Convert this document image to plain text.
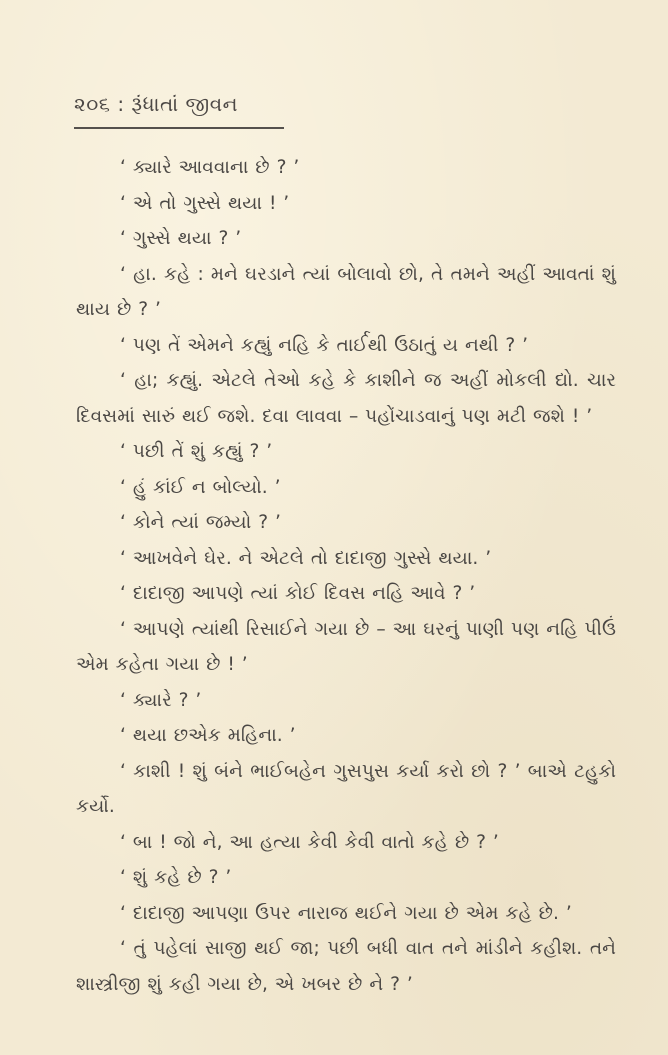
૨૦૬ : રૂંધાતાં જીવન

‘ ક્યારે આવવાના છે ? ’

‘ એ તો ગુસ્સે થયા ! ’

‘ ગુસ્સે થયા ? ’

‘ હા. કહે : મને ઘરડાને ત્યાં બોલાવો છો, તે તમને અહીં આવતાં શું થાય છે ? ’

‘ પણ તેં એમને કહ્યું નહિ કે તાર્ઈથી ઉઠાતું ય નથી ? ’

‘ હા; કહ્યું. એટલે તેઓ કહે કે કાશીને જ અહીં મોકલી દ્યો. ચાર દિવસમાં સારું થઈ જશે. દવા લાવવા – પહોંચાડવાનું પણ મટી જશે ! ’

‘ પછી તેં શું કહ્યું ? ’

‘ હું કાંઈ ન બોલ્યો. ’

‘ કોને ત્યાં જમ્યો ? ’

‘ આખવેને ઘેર. ને એટલે તો દાદાજી ગુસ્સે થયા. ’

‘ દાદાજી આપણે ત્યાં કોઈ દિવસ નહિ આવે ? ’

‘ આપણે ત્યાંથી રિસાઈને ગયા છે – આ ઘરનું પાણી પણ નહિ પીઉં એમ કહેતા ગયા છે ! ’

‘ ક્યારે ? ’

‘ થયા છએક મહિના. ’

‘ કાશી ! શું બંને ભાઈબહેન ગુસપુસ કર્યા કરો છો ? ’ બાએ ટહુકો કર્યો.

‘ બા ! જો ને, આ હત્યા કેવી કેવી વાતો કહે છે ? ’

‘ શું કહે છે ? ’

‘ દાદાજી આપણા ઉપર નારાજ થઈને ગયા છે એમ કહે છે. ’

‘ તું પહેલાં સાજી થઈ જા; પછી બધી વાત તને માંડીને કહીશ. તને શાસ્ત્રીજી શું કહી ગયા છે, એ ખબર છે ને ? ’
